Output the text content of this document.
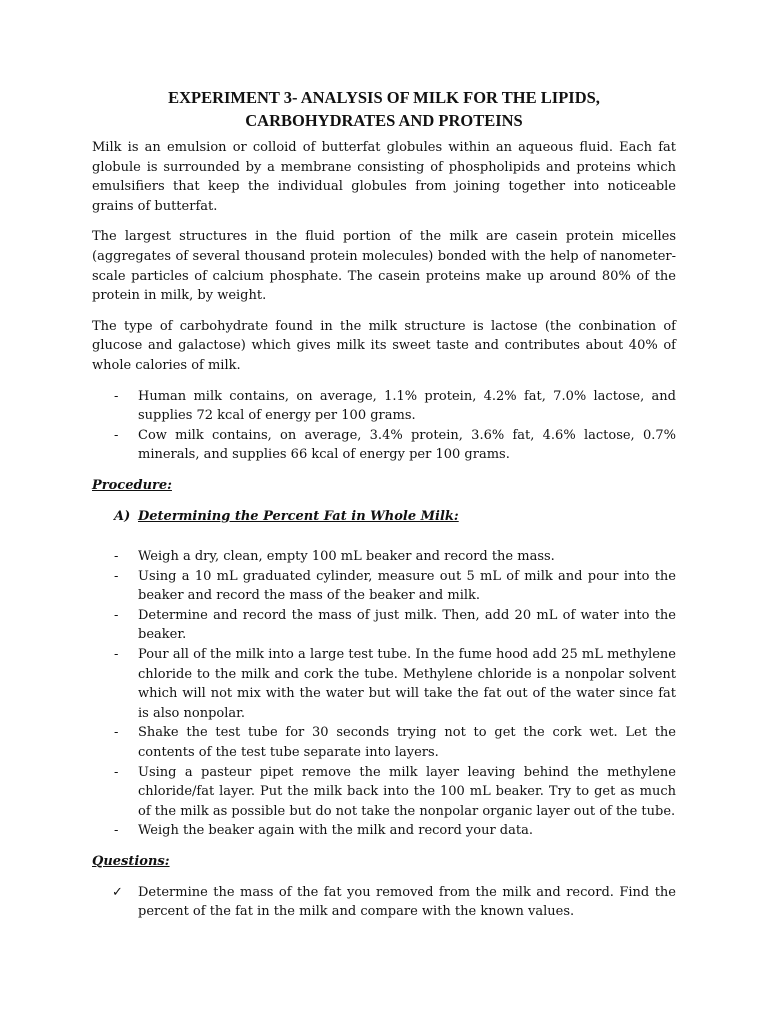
EXPERIMENT 3- ANALYSIS OF MILK FOR THE LIPIDS,
CARBOHYDRATES AND PROTEINS

Milk is an emulsion or colloid of butterfat globules within an aqueous fluid. Each fat globule is surrounded by a membrane consisting of phospholipids and proteins which emulsifiers that keep the individual globules from joining together into noticeable grains of butterfat.

The largest structures in the fluid portion of the milk are casein protein micelles (aggregates of several thousand protein molecules) bonded with the help of nanometer-scale particles of calcium phosphate. The casein proteins make up around 80% of the protein in milk, by weight.

The type of carbohydrate found in the milk structure is lactose (the conbination of glucose and galactose) which gives milk its sweet taste and contributes about 40% of whole calories of milk.

- Human milk contains, on average, 1.1% protein, 4.2% fat, 7.0% lactose, and supplies 72 kcal of energy per 100 grams.
- Cow milk contains, on average, 3.4% protein, 3.6% fat, 4.6% lactose, 0.7% minerals, and supplies 66 kcal of energy per 100 grams.
Procedure:
A) Determining the Percent Fat in Whole Milk:
- Weigh a dry, clean, empty 100 mL beaker and record the mass.
- Using a 10 mL graduated cylinder, measure out 5 mL of milk and pour into the beaker and record the mass of the beaker and milk.
- Determine and record the mass of just milk. Then, add 20 mL of water into the beaker.
- Pour all of the milk into a large test tube. In the fume hood add 25 mL methylene chloride to the milk and cork the tube. Methylene chloride is a nonpolar solvent which will not mix with the water but will take the fat out of the water since fat is also nonpolar.
- Shake the test tube for 30 seconds trying not to get the cork wet. Let the contents of the test tube separate into layers.
- Using a pasteur pipet remove the milk layer leaving behind the methylene chloride/fat layer. Put the milk back into the 100 mL beaker. Try to get as much of the milk as possible but do not take the nonpolar organic layer out of the tube.
- Weigh the beaker again with the milk and record your data.
Questions:
✓ Determine the mass of the fat you removed from the milk and record. Find the percent of the fat in the milk and compare with the known values.
